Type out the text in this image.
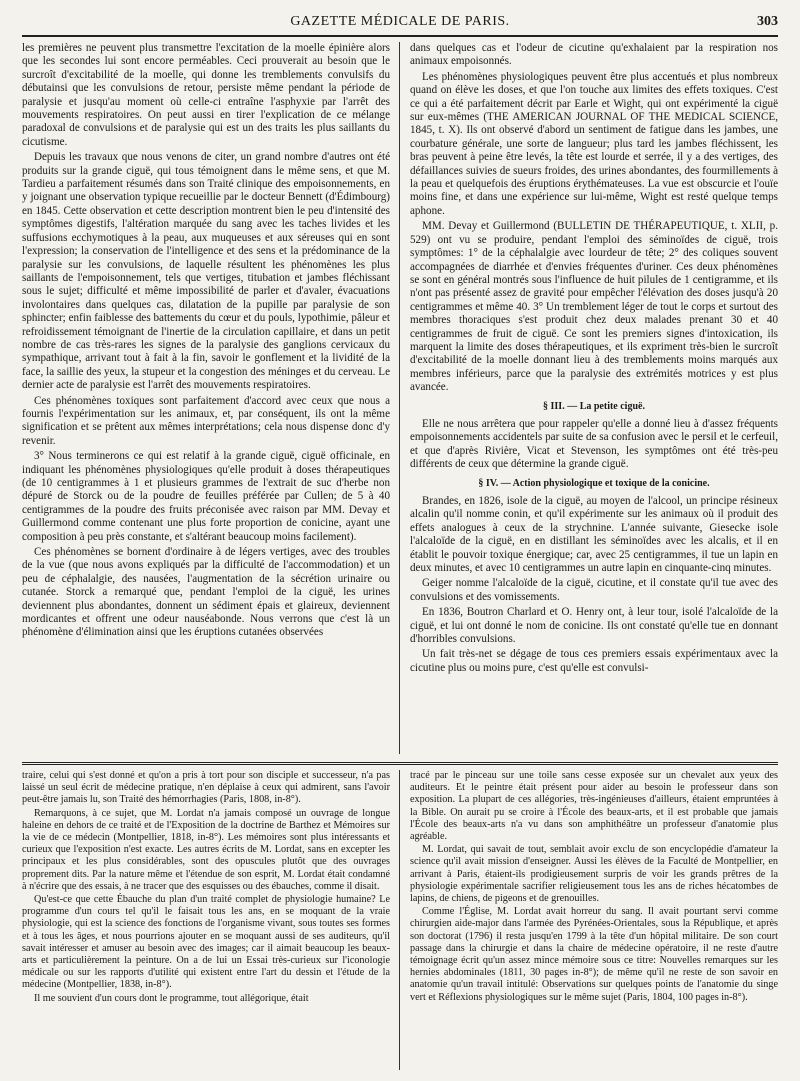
GAZETTE MÉDICALE DE PARIS.	303

les premières ne peuvent plus transmettre l'excitation de la moelle épinière alors que les secondes lui sont encore perméables. Ceci prouverait au besoin que le surcroît d'excitabilité de la moelle, qui donne les tremblements convulsifs du débutainsi que les convulsions de retour, persiste même pendant la période de paralysie et jusqu'au moment où celle-ci entraîne l'asphyxie par l'arrêt des mouvements respiratoires. On peut aussi en tirer l'explication de ce mélange paradoxal de convulsions et de paralysie qui est un des traits les plus saillants du cicutisme.

Depuis les travaux que nous venons de citer, un grand nombre d'autres ont été produits sur la grande ciguë, qui tous témoignent dans le même sens, et que M. Tardieu a parfaitement résumés dans son Traité clinique des empoisonnements, en y joignant une observation typique recueillie par le docteur Bennett (d'Édimbourg) en 1845. Cette observation et cette description montrent bien le peu d'intensité des symptômes digestifs, l'altération marquée du sang avec les taches livides et les suffusions ecchymotiques à la peau, aux muqueuses et aux séreuses qui en sont l'expression; la conservation de l'intelligence et des sens et la prédominance de la paralysie sur les convulsions, de laquelle résultent les phénomènes les plus saillants de l'empoisonnement, tels que vertiges, titubation et jambes fléchissant sous le sujet; difficulté et même impossibilité de parler et d'avaler, évacuations involontaires dans quelques cas, dilatation de la pupille par paralysie de son sphincter; enfin faiblesse des battements du cœur et du pouls, lypothimie, pâleur et refroidissement témoignant de l'inertie de la circulation capillaire, et dans un petit nombre de cas très-rares les signes de la paralysie des ganglions cervicaux du sympathique, arrivant tout à fait à la fin, savoir le gonflement et la lividité de la face, la saillie des yeux, la stupeur et la congestion des méninges et du cerveau. Le dernier acte de paralysie est l'arrêt des mouvements respiratoires.

Ces phénomènes toxiques sont parfaitement d'accord avec ceux que nous a fournis l'expérimentation sur les animaux, et, par conséquent, ils ont la même signification et se prêtent aux mêmes interprétations; cela nous dispense donc d'y revenir.

3° Nous terminerons ce qui est relatif à la grande ciguë, ciguë officinale, en indiquant les phénomènes physiologiques qu'elle produit à doses thérapeutiques (de 10 centigrammes à 1 et plusieurs grammes de l'extrait de suc d'herbe non dépuré de Storck ou de la poudre de feuilles préférée par Cullen; de 5 à 40 centigrammes de la poudre des fruits préconisée avec raison par MM. Devay et Guillermond comme contenant une plus forte proportion de conicine, ayant une composition à peu près constante, et s'altérant beaucoup moins facilement).

Ces phénomènes se bornent d'ordinaire à de légers vertiges, avec des troubles de la vue (que nous avons expliqués par la difficulté de l'accommodation) et un peu de céphalalgie, des nausées, l'augmentation de la sécrétion urinaire ou cutanée. Storck a remarqué que, pendant l'emploi de la ciguë, les urines deviennent plus abondantes, donnent un sédiment épais et glaireux, deviennent mordicantes et offrent une odeur nauséabonde. Nous verrons que c'est là un phénomène d'élimination ainsi que les éruptions cutanées observées

dans quelques cas et l'odeur de cicutine qu'exhalaient par la respiration nos animaux empoisonnés.

Les phénomènes physiologiques peuvent être plus accentués et plus nombreux quand on élève les doses, et que l'on touche aux limites des effets toxiques. C'est ce qui a été parfaitement décrit par Earle et Wight, qui ont expérimenté la ciguë sur eux-mêmes (THE AMERICAN JOURNAL OF THE MEDICAL SCIENCE, 1845, t. X). Ils ont observé d'abord un sentiment de fatigue dans les jambes, une courbature générale, une sorte de langueur; plus tard les jambes fléchissent, les bras peuvent à peine être levés, la tête est lourde et serrée, il y a des vertiges, des défaillances suivies de sueurs froides, des urines abondantes, des fourmillements à la peau et quelquefois des éruptions érythémateuses. La vue est obscurcie et l'ouïe moins fine, et dans une expérience sur lui-même, Wight est resté quelque temps aphone.

MM. Devay et Guillermond (BULLETIN DE THÉRAPEUTIQUE, t. XLII, p. 529) ont vu se produire, pendant l'emploi des séminoïdes de ciguë, trois symptômes: 1° de la céphalalgie avec lourdeur de tête; 2° des coliques souvent accompagnées de diarrhée et d'envies fréquentes d'uriner. Ces deux phénomènes se sont en général montrés sous l'influence de huit pilules de 1 centigramme, et ils n'ont pas présenté assez de gravité pour empêcher l'élévation des doses jusqu'à 20 centigrammes et même 40. 3° Un tremblement léger de tout le corps et surtout des membres thoraciques s'est produit chez deux malades prenant 30 et 40 centigrammes de fruit de ciguë. Ce sont les premiers signes d'intoxication, ils marquent la limite des doses thérapeutiques, et ils expriment très-bien le surcroît d'excitabilité de la moelle donnant lieu à des tremblements moins marqués aux membres inférieurs, parce que la paralysie des extrémités motrices y est plus avancée.

§ III. — La petite ciguë.

Elle ne nous arrêtera que pour rappeler qu'elle a donné lieu à d'assez fréquents empoisonnements accidentels par suite de sa confusion avec le persil et le cerfeuil, et que d'après Rivière, Vicat et Stevenson, les symptômes ont été très-peu différents de ceux que détermine la grande ciguë.

§ IV. — Action physiologique et toxique de la conicine.

Brandes, en 1826, isole de la ciguë, au moyen de l'alcool, un principe résineux alcalin qu'il nomme conin, et qu'il expérimente sur les animaux où il produit des effets analogues à ceux de la strychnine. L'année suivante, Giesecke isole l'alcaloïde de la ciguë, en en distillant les séminoïdes avec les alcalis, et il en établit le pouvoir toxique énergique; car, avec 25 centigrammes, il tue un lapin en deux minutes, et avec 10 centigrammes un autre lapin en cinquante-cinq minutes.

Geiger nomme l'alcaloïde de la ciguë, cicutine, et il constate qu'il tue avec des convulsions et des vomissements.

En 1836, Boutron Charlard et O. Henry ont, à leur tour, isolé l'alcaloïde de la ciguë, et lui ont donné le nom de conicine. Ils ont constaté qu'elle tue en donnant d'horribles convulsions.

Un fait très-net se dégage de tous ces premiers essais expérimentaux avec la cicutine plus ou moins pure, c'est qu'elle est convulsi-

traire, celui qui s'est donné et qu'on a pris à tort pour son disciple et successeur, n'a pas laissé un seul écrit de médecine pratique, n'en déplaise à ceux qui admirent, sans l'avoir peut-être jamais lu, son Traité des hémorrhagies (Paris, 1808, in-8°).

Remarquons, à ce sujet, que M. Lordat n'a jamais composé un ouvrage de longue haleine en dehors de ce traité et de l'Exposition de la doctrine de Barthez et Mémoires sur la vie de ce médecin (Montpellier, 1818, in-8°). Les mémoires sont plus intéressants et curieux que l'exposition n'est exacte. Les autres écrits de M. Lordat, sans en excepter les principaux et les plus considérables, sont des opuscules plutôt que des ouvrages proprement dits. Par la nature même et l'étendue de son esprit, M. Lordat était condamné à n'écrire que des essais, à ne tracer que des esquisses ou des ébauches, comme il disait.

Qu'est-ce que cette Ébauche du plan d'un traité complet de physiologie humaine? Le programme d'un cours tel qu'il le faisait tous les ans, en se moquant de la vraie physiologie, qui est la science des fonctions de l'organisme vivant, sous toutes ses formes et à tous les âges, et nous pourrions ajouter en se moquant aussi de ses auditeurs, qu'il savait intéresser et amuser au besoin avec des images; car il aimait beaucoup les beaux-arts et particulièrement la peinture. On a de lui un Essai très-curieux sur l'iconologie médicale ou sur les rapports d'utilité qui existent entre l'art du dessin et l'étude de la médecine (Montpellier, 1838, in-8°).

Il me souvient d'un cours dont le programme, tout allégorique, était

tracé par le pinceau sur une toile sans cesse exposée sur un chevalet aux yeux des auditeurs. Et le peintre était présent pour aider au besoin le professeur dans son exposition. La plupart de ces allégories, très-ingénieuses d'ailleurs, étaient empruntées à la Bible. On aurait pu se croire à l'École des beaux-arts, et il est probable que jamais l'École des beaux-arts n'a vu dans son amphithéâtre un professeur d'anatomie plus agréable.

M. Lordat, qui savait de tout, semblait avoir exclu de son encyclopédie d'amateur la science qu'il avait mission d'enseigner. Aussi les élèves de la Faculté de Montpellier, en arrivant à Paris, étaient-ils prodigieusement surpris de voir les grands prêtres de la physiologie expérimentale sacrifier religieusement tous les ans de riches hécatombes de lapins, de chiens, de pigeons et de grenouilles.

Comme l'Église, M. Lordat avait horreur du sang. Il avait pourtant servi comme chirurgien aide-major dans l'armée des Pyrénées-Orientales, sous la République, et après son doctorat (1796) il resta jusqu'en 1799 à la tête d'un hôpital militaire. De son court passage dans la chirurgie et dans la chaire de médecine opératoire, il ne reste d'autre témoignage écrit qu'un assez mince mémoire sous ce titre: Nouvelles remarques sur les hernies abdominales (1811, 30 pages in-8°); de même qu'il ne reste de son savoir en anatomie qu'un travail intitulé: Observations sur quelques points de l'anatomie du singe vert et Réflexions physiologiques sur le même sujet (Paris, 1804, 100 pages in-8°).
